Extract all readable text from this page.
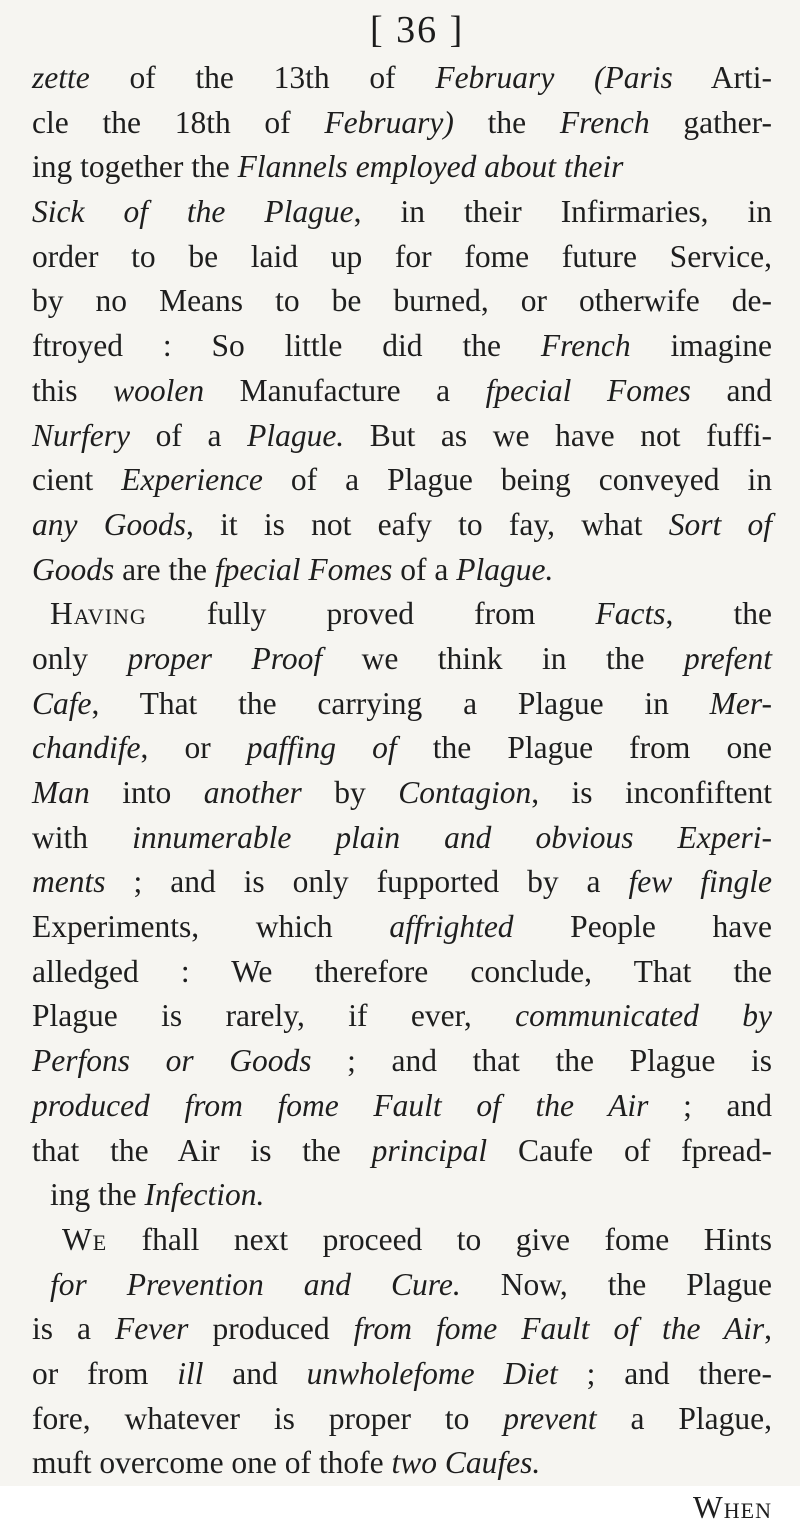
[ 36 ]
zette of the 13th of February (Paris Arti-
cle the 18th of February) the French gather-
ing together the Flannels employed about their
Sick of the Plague, in their Infirmaries, in
order to be laid up for fome future Service,
by no Means to be burned, or otherwife de-
ftroyed : So little did the French imagine
this woolen Manufacture a fpecial Fomes and
Nurfery of a Plague. But as we have not fuffi-
cient Experience of a Plague being conveyed in
any Goods, it is not eafy to fay, what Sort of
Goods are the fpecial Fomes of a Plague.
Having fully proved from Facts, the
only proper Proof we think in the prefent
Cafe, That the carrying a Plague in Mer-
chandife, or paffing of the Plague from one
Man into another by Contagion, is inconfiftent
with innumerable plain and obvious Experi-
ments ; and is only fupported by a few fingle
Experiments, which affrighted People have
alledged : We therefore conclude, That the
Plague is rarely, if ever, communicated by
Perfons or Goods ; and that the Plague is
produced from fome Fault of the Air ; and
that the Air is the principal Caufe of fpread-
ing the Infection.
We fhall next proceed to give fome Hints
for Prevention and Cure. Now, the Plague
is a Fever produced from fome Fault of the Air,
or from ill and unwholefome Diet ; and there-
fore, whatever is proper to prevent a Plague,
muft overcome one of thofe two Caufes.
When
